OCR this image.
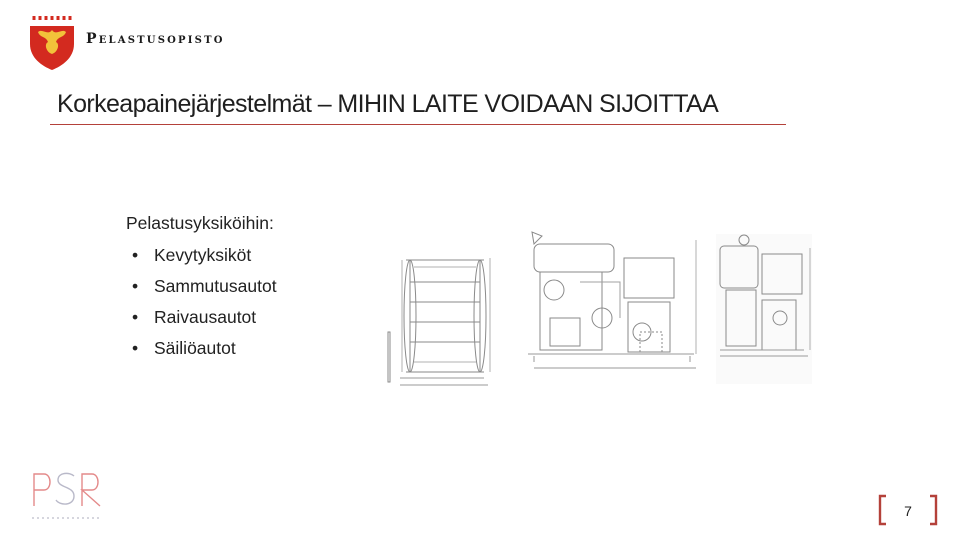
Pelastusopisto
Korkeapainejärjestelmät – MIHIN LAITE VOIDAAN SIJOITTAA
Pelastusyksiköihin:
• Kevytyksiköt
• Sammutusautot
• Raivausautot
• Säiliöautot
7
